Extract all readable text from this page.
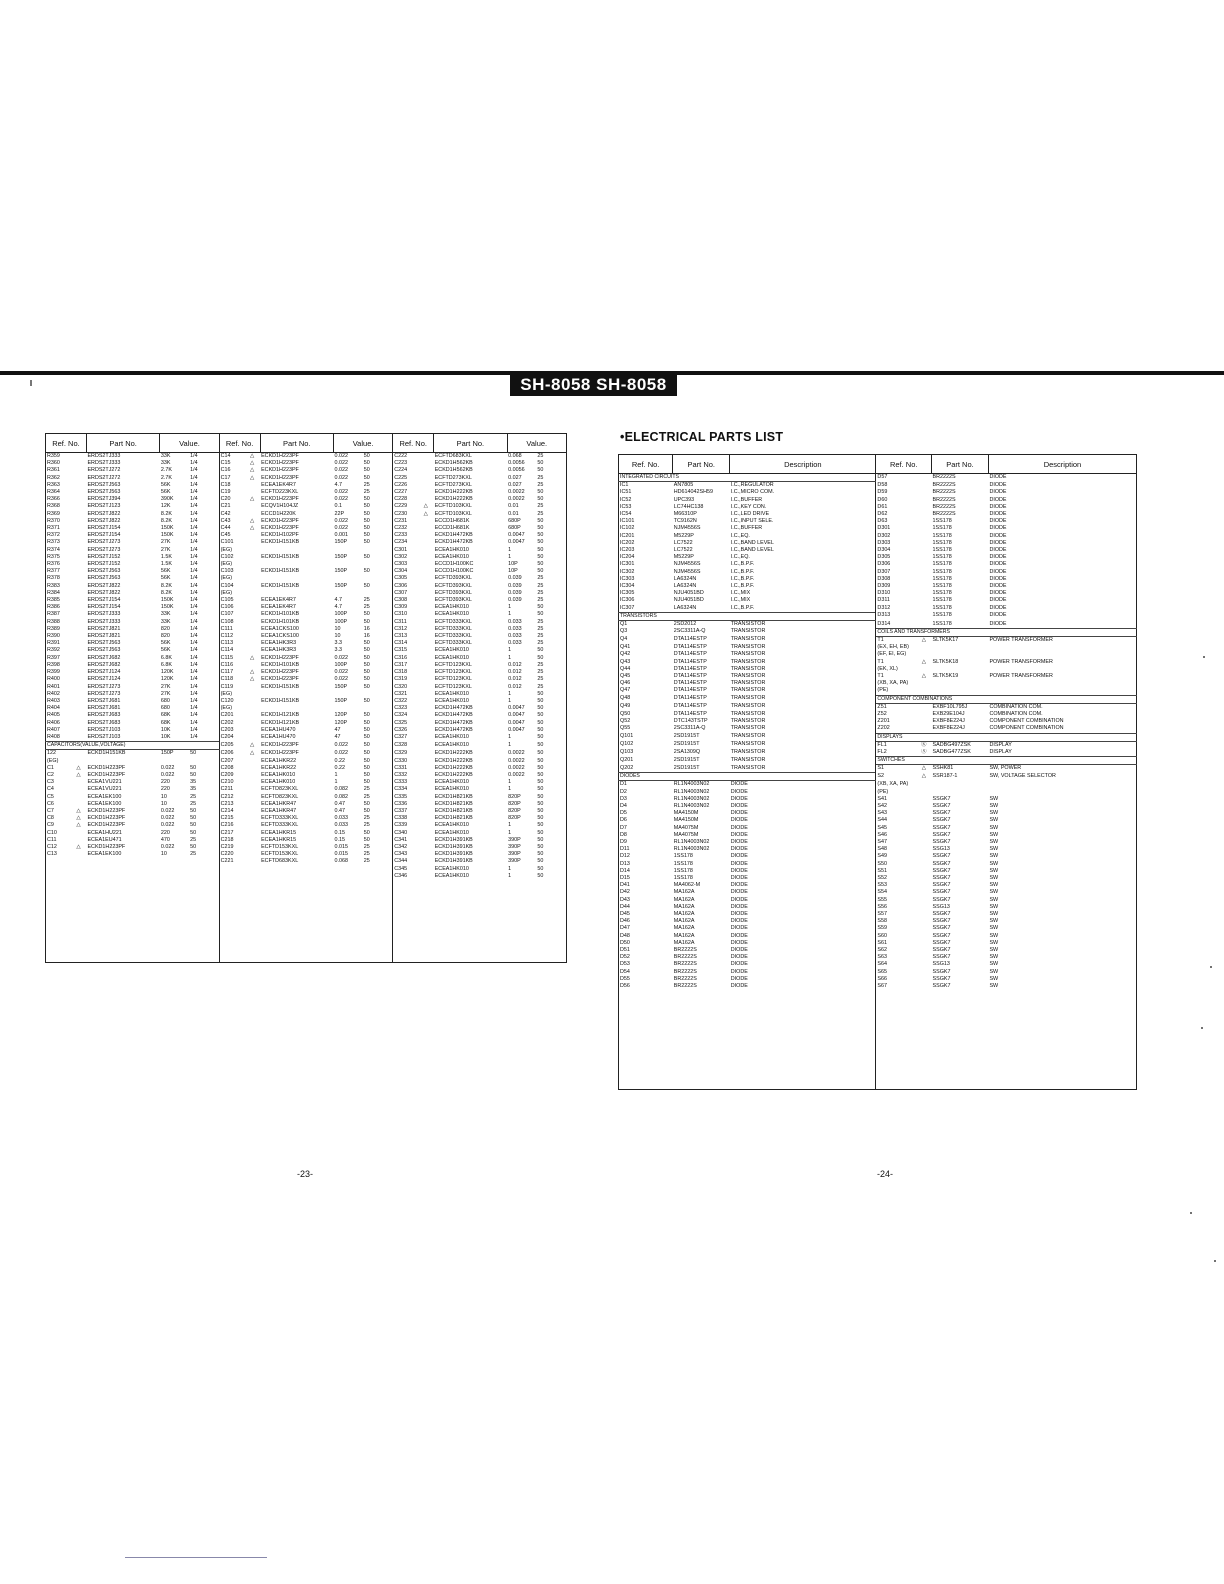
SH-8058 SH-8058
•ELECTRICAL PARTS LIST
Ref. No.		Part No.	Value.		Ref. No.		Part No.	Value.		Ref. No.		Part No.	Value.	
R359		ERDS2TJ333	33K	1/4	C14	△	ECKD1H223PF	0.022	50	C222		ECFTD683KXL	0.068	25
R360		ERDS2TJ333	33K	1/4	C15	△	ECKD1H223PF	0.022	50	C223		ECKD1H562KB	0.0056	50
R361		ERDS2TJ272	2.7K	1/4	C16	△	ECKD1H223PF	0.022	50	C224		ECKD1H562KB	0.0056	50
R362		ERDS2TJ272	2.7K	1/4	C17	△	ECKD1H223PF	0.022	50	C225		ECFTD273KXL	0.027	25
R363		ERDS2TJ563	56K	1/4	C18		ECEA1EK4R7	4.7	25	C226		ECFTD273KXL	0.027	25
R364		ERDS2TJ563	56K	1/4	C19		ECFTD223KXL	0.022	25	C227		ECKD1H222KB	0.0022	50
R366		ERDS2TJ394	390K	1/4	C20	△	ECKD1H223PF	0.022	50	C228		ECKD1H222KB	0.0022	50
R368		ERDS2TJ123	12K	1/4	C21		ECQV1H104JZ	0.1	50	C229	△	ECFTD103KXL	0.01	25
R369		ERDS2TJ822	8.2K	1/4	C42		ECCD1H220K	22P	50	C230	△	ECFTD103KXL	0.01	25
R370		ERDS2TJ822	8.2K	1/4	C43	△	ECKD1H223PF	0.022	50	C231		ECCD1H681K	680P	50
R371		ERDS2TJ154	150K	1/4	C44	△	ECKD1H223PF	0.022	50	C232		ECCD1H681K	680P	50
R372		ERDS2TJ154	150K	1/4	C45		ECKD1H102PF	0.001	50	C233		ECKD1H472KB	0.0047	50
R373		ERDS2TJ273	27K	1/4	C101		ECKD1H151KB	150P	50	C234		ECKD1H472KB	0.0047	50
R374		ERDS2TJ273	27K	1/4	(EG)					C301		ECEA1HK010	1	50
R375		ERDS2TJ152	1.5K	1/4	C102		ECKD1H151KB	150P	50	C302		ECEA1HK010	1	50
R376		ERDS2TJ152	1.5K	1/4	(EG)					C303		ECCD1H100KC	10P	50
R377		ERDS2TJ563	56K	1/4	C103		ECKD1H151KB	150P	50	C304		ECCD1H100KC	10P	50
R378		ERDS2TJ563	56K	1/4	(EG)					C305		ECFTD393KXL	0.039	25
R383		ERDS2TJ822	8.2K	1/4	C104		ECKD1H151KB	150P	50	C306		ECFTD393KXL	0.039	25
R384		ERDS2TJ822	8.2K	1/4	(EG)					C307		ECFTD393KXL	0.039	25
R385		ERDS2TJ154	150K	1/4	C105		ECEA1EK4R7	4.7	25	C308		ECFTD393KXL	0.039	25
R386		ERDS2TJ154	150K	1/4	C106		ECEA1EK4R7	4.7	25	C309		ECEA1HK010	1	50
R387		ERDS2TJ333	33K	1/4	C107		ECKD1H101KB	100P	50	C310		ECEA1HK010	1	50
R388		ERDS2TJ333	33K	1/4	C108		ECKD1H101KB	100P	50	C311		ECFTD333KXL	0.033	25
R389		ERDS2TJ821	820	1/4	C111		ECEA1CKS100	10	16	C312		ECFTD333KXL	0.033	25
R390		ERDS2TJ821	820	1/4	C112		ECEA1CKS100	10	16	C313		ECFTD333KXL	0.033	25
R391		ERDS2TJ563	56K	1/4	C113		ECEA1HK3R3	3.3	50	C314		ECFTD333KXL	0.033	25
R392		ERDS2TJ563	56K	1/4	C114		ECEA1HK3R3	3.3	50	C315		ECEA1HK010	1	50
R397		ERDS2TJ682	6.8K	1/4	C115	△	ECKD1H223PF	0.022	50	C316		ECEA1HK010	1	50
R398		ERDS2TJ682	6.8K	1/4	C116		ECKD1H101KB	100P	50	C317		ECFTD123KXL	0.012	25
R399		ERDS2TJ124	120K	1/4	C117	△	ECKD1H223PF	0.022	50	C318		ECFTD123KXL	0.012	25
R400		ERDS2TJ124	120K	1/4	C118	△	ECKD1H223PF	0.022	50	C319		ECFTD123KXL	0.012	25
R401		ERDS2TJ273	27K	1/4	C119		ECKD1H151KB	150P	50	C320		ECFTD123KXL	0.012	25
R402		ERDS2TJ273	27K	1/4	(EG)					C321		ECEA1HK010	1	50
R403		ERDS2TJ681	680	1/4	C120		ECKD1H151KB	150P	50	C322		ECEA1HK010	1	50
R404		ERDS2TJ681	680	1/4	(EG)					C323		ECKD1H472KB	0.0047	50
R405		ERDS2TJ683	68K	1/4	C201		ECKD1H121KB	120P	50	C324		ECKD1H472KB	0.0047	50
R406		ERDS2TJ683	68K	1/4	C202		ECKD1H121KB	120P	50	C325		ECKD1H472KB	0.0047	50
R407		ERDS2TJ103	10K	1/4	C203		ECEA1HU470	47	50	C326		ECKD1H472KB	0.0047	50
R408		ERDS2TJ103	10K	1/4	C204		ECEA1HU470	47	50	C327		ECEA1HK010	1	50
CAPACITORS(VALUE,VOLTAGE)					C205	△	ECKD1H223PF	0.022	50	C328		ECEA1HK010	1	50
122		ECKD1H151KB	150P	50	C206	△	ECKD1H223PF	0.022	50	C329		ECKD1H222KB	0.0022	50
(EG)					C207		ECEA1HKR22	0.22	50	C330		ECKD1H222KB	0.0022	50
C1	△	ECKD1H223PF	0.022	50	C208		ECEA1HKR22	0.22	50	C331		ECKD1H222KB	0.0022	50
C2	△	ECKD1H223PF	0.022	50	C209		ECEA1HK010	1	50	C332		ECKD1H222KB	0.0022	50
C3		ECEA1VU221	220	35	C210		ECEA1HK010	1	50	C333		ECEA1HK010	1	50
C4		ECEA1VU221	220	35	C211		ECFTD823KXL	0.082	25	C334		ECEA1HK010	1	50
C5		ECEA1EK100	10	25	C212		ECFTD823KXL	0.082	25	C335		ECKD1H821KB	820P	50
C6		ECEA1EK100	10	25	C213		ECEA1HKR47	0.47	50	C336		ECKD1H821KB	820P	50
C7	△	ECKD1H223PF	0.022	50	C214		ECEA1HKR47	0.47	50	C337		ECKD1H821KB	820P	50
C8	△	ECKD1H223PF	0.022	50	C215		ECFTD333KXL	0.033	25	C338		ECKD1H821KB	820P	50
C9	△	ECKD1H223PF	0.022	50	C216		ECFTD333KXL	0.033	25	C339		ECEA1HK010	1	50
C10		ECEA1HU221	220	50	C217		ECEA1HKR15	0.15	50	C340		ECEA1HK010	1	50
C11		ECEA1EU471	470	25	C218		ECEA1HKR15	0.15	50	C341		ECKD1H391KB	390P	50
C12	△	ECKD1H223PF	0.022	50	C219		ECFTD153KXL	0.015	25	C342		ECKD1H391KB	390P	50
C13		ECEA1EK100	10	25	C220		ECFTD153KXL	0.015	25	C343		ECKD1H391KB	390P	50
					C221		ECFTD683KXL	0.068	25	C344		ECKD1H391KB	390P	50
										C345		ECEA1HK010	1	50
										C346		ECEA1HK010	1	50

Ref. No.		Part No.	Description	Ref. No.		Part No.	Description
INTEGRATED CIRCUITS				D57		BR2222S	DIODE
IC1		AN7805	I.C.,REGULATOR	D58		BR2222S	DIODE
IC51		HD614042SH59	I.C.,MICRO COM.	D59		BR2222S	DIODE
IC52		UPC393	I.C.,BUFFER	D60		BR2222S	DIODE
IC53		LC74HC138	I.C.,KEY CON.	D61		BR2222S	DIODE
IC54		M66310P	I.C.,LED DRIVE	D62		BR2222S	DIODE
IC101		TC9162N	I.C.,INPUT SELE.	D63		1SS178	DIODE
IC102		NJM4556S	I.C.,BUFFER	D301		1SS178	DIODE
IC201		M5229P	I.C.,EQ.	D302		1SS178	DIODE
IC202		LC7522	I.C.,BAND LEVEL	D303		1SS178	DIODE
IC203		LC7522	I.C.,BAND LEVEL	D304		1SS178	DIODE
IC204		M5229P	I.C.,EQ.	D305		1SS178	DIODE
IC301		NJM4556S	I.C.,B.P.F.	D306		1SS178	DIODE
IC302		NJM4556S	I.C.,B.P.F.	D307		1SS178	DIODE
IC303		LA6324N	I.C.,B.P.F.	D308		1SS178	DIODE
IC304		LA6324N	I.C.,B.P.F.	D309		1SS178	DIODE
IC305		NJU4051BD	I.C.,MIX	D310		1SS178	DIODE
IC306		NJU4051BD	I.C.,MIX	D311		1SS178	DIODE
IC307		LA6324N	I.C.,B.P.F.	D312		1SS178	DIODE
TRANSISTORS				D313		1SS178	DIODE
Q1		2SD2012	TRANSISTOR	D314		1SS178	DIODE
Q3		2SC3311A-Q	TRANSISTOR	COILS AND TRANSFORMERS			
Q4		DTA114ESTP	TRANSISTOR	T1	△	SLTK5K17	POWER TRANSFORMER
Q41		DTA114ESTP	TRANSISTOR	(EX, EH, EB)			
Q42		DTA114ESTP	TRANSISTOR	(EF, EI, EG)			
Q43		DTA114ESTP	TRANSISTOR	T1	△	SLTK5K18	POWER TRANSFORMER
Q44		DTA114ESTP	TRANSISTOR	(EK, XL)			
Q45		DTA114ESTP	TRANSISTOR	T1	△	SLTK5K19	POWER TRANSFORMER
Q46		DTA114ESTP	TRANSISTOR	(XB, XA, PA)			
Q47		DTA114ESTP	TRANSISTOR	(PE)			
Q48		DTA114ESTP	TRANSISTOR	COMPONENT COMBINATIONS			
Q49		DTA114ESTP	TRANSISTOR	Z51		EXBF10L795J	COMBINATION COM.
Q50		DTA114ESTP	TRANSISTOR	Z52		EXB29E104J	COMBINATION COM.
Q52		DTC143TSTP	TRANSISTOR	Z201		EXBF8E224J	COMPONENT COMBINATION
Q55		2SC3311A-Q	TRANSISTOR	Z202		EXBF8E224J	COMPONENT COMBINATION
Q101		2SD1915T	TRANSISTOR	DISPLAYS			
Q102		2SD1915T	TRANSISTOR	FL1	Ⓚ	SADBG497ZSK	DISPLAY
Q103		2SA1309Q	TRANSISTOR	FL2	Ⓢ	SADBG477ZSK	DISPLAY
Q201		2SD1915T	TRANSISTOR	SWITCHES			
Q202		2SD1915T	TRANSISTOR	S1	△	SSHK81	SW, POWER
DIODES				S2	△	SSR187-1	SW, VOLTAGE SELECTOR
D1		RL1N4003N02	DIODE	(XB, XA, PA)			
D2		RL1N4003N02	DIODE	(PE)			
D3		RL1N4003N02	DIODE	S41		SSGK7	SW
D4		RL1N4003N02	DIODE	S42		SSGK7	SW
D5		MA4150M	DIODE	S43		SSGK7	SW
D6		MA4150M	DIODE	S44		SSGK7	SW
D7		MA4075M	DIODE	S45		SSGK7	SW
D8		MA4075M	DIODE	S46		SSGK7	SW
D9		RL1N4003N02	DIODE	S47		SSGK7	SW
D11		RL1N4003N02	DIODE	S48		SSG13	SW
D12		1SS178	DIODE	S49		SSGK7	SW
D13		1SS178	DIODE	S50		SSGK7	SW
D14		1SS178	DIODE	S51		SSGK7	SW
D15		1SS178	DIODE	S52		SSGK7	SW
D41		MA4062-M	DIODE	S53		SSGK7	SW
D42		MA162A	DIODE	S54		SSGK7	SW
D43		MA162A	DIODE	S55		SSGK7	SW
D44		MA162A	DIODE	S56		SSG13	SW
D45		MA162A	DIODE	S57		SSGK7	SW
D46		MA162A	DIODE	S58		SSGK7	SW
D47		MA162A	DIODE	S59		SSGK7	SW
D48		MA162A	DIODE	S60		SSGK7	SW
D50		MA162A	DIODE	S61		SSGK7	SW
D51		BR2222S	DIODE	S62		SSGK7	SW
D52		BR2222S	DIODE	S63		SSGK7	SW
D53		BR2222S	DIODE	S64		SSG13	SW
D54		BR2222S	DIODE	S65		SSGK7	SW
D55		BR2222S	DIODE	S66		SSGK7	SW
D56		BR2222S	DIODE	S67		SSGK7	SW

-23-	-24-
